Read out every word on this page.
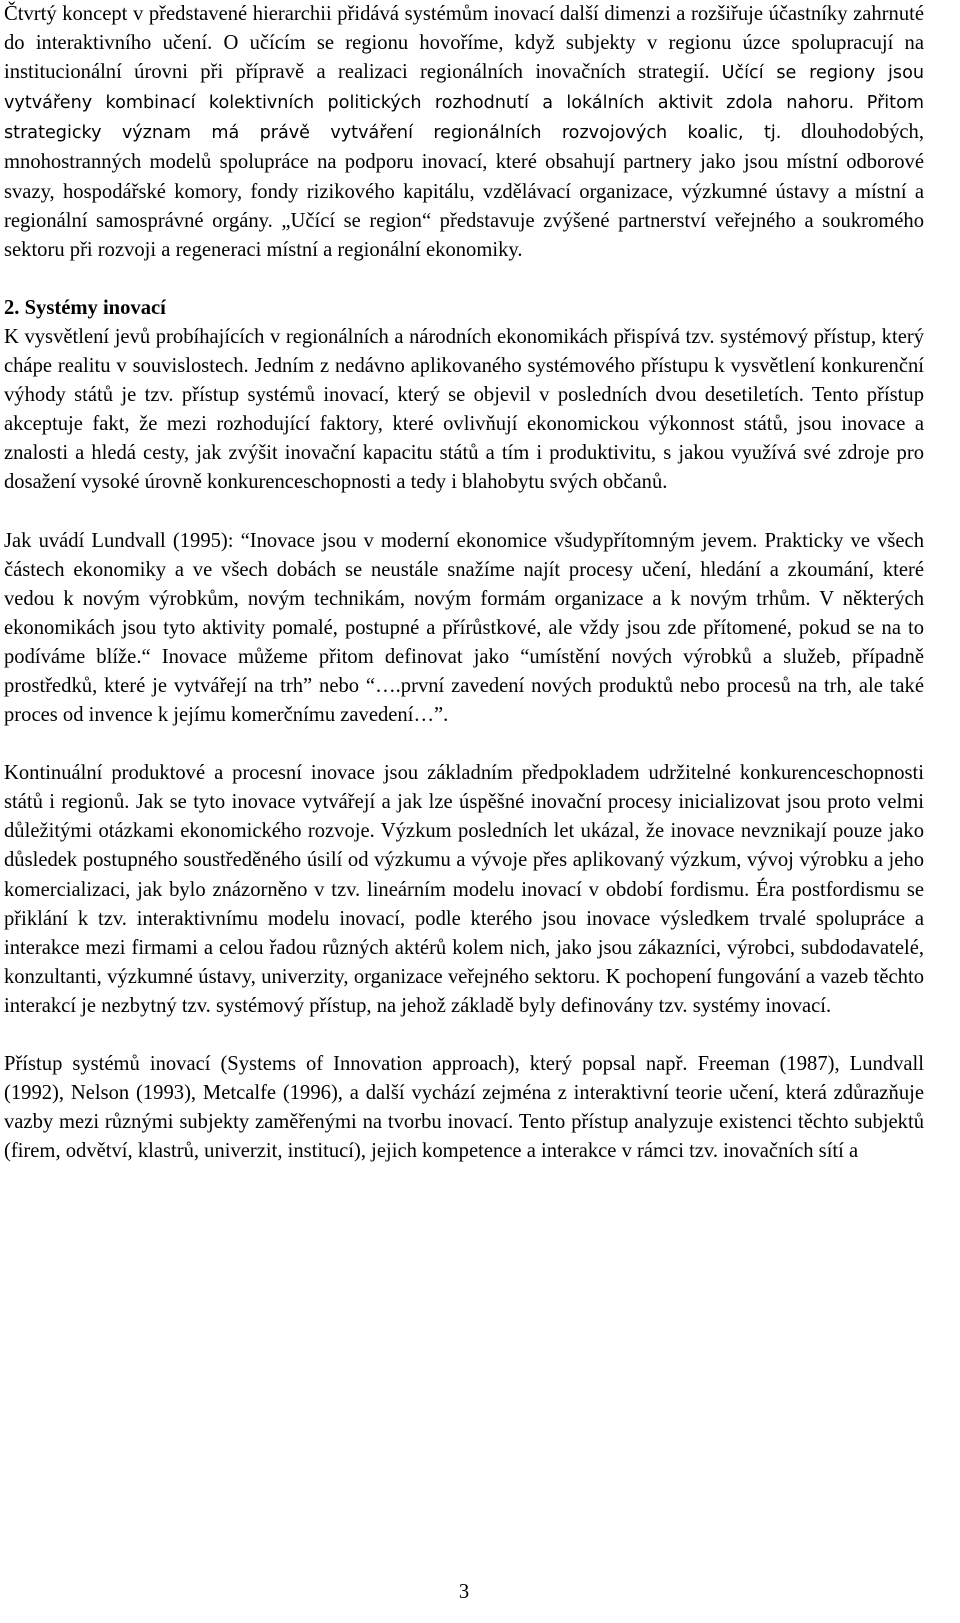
Čtvrtý koncept v představené hierarchii přidává systémům inovací další dimenzi a rozšiřuje účastníky zahrnuté do interaktivního učení. O učícím se regionu hovoříme, když subjekty v regionu úzce spolupracují na institucionální úrovni při přípravě a realizaci regionálních inovačních strategií. Učící se regiony jsou vytvářeny kombinací kolektivních politických rozhodnutí a lokálních aktivit zdola nahoru. Přitom strategicky význam má právě vytváření regionálních rozvojových koalic, tj. dlouhodobých, mnohostranných modelů spolupráce na podporu inovací, které obsahují partnery jako jsou místní odborové svazy, hospodářské komory, fondy rizikového kapitálu, vzdělávací organizace, výzkumné ústavy a místní a regionální samosprávné orgány. „Učící se region“ představuje zvýšené partnerství veřejného a soukromého sektoru při rozvoji a regeneraci místní a regionální ekonomiky.

2. Systémy inovací

K vysvětlení jevů probíhajících v regionálních a národních ekonomikách přispívá tzv. systémový přístup, který chápe realitu v souvislostech. Jedním z nedávno aplikovaného systémového přístupu k vysvětlení konkurenční výhody států je tzv. přístup systémů inovací, který se objevil v posledních dvou desetiletích. Tento přístup akceptuje fakt, že mezi rozhodující faktory, které ovlivňují ekonomickou výkonnost států, jsou inovace a znalosti a hledá cesty, jak zvýšit inovační kapacitu států a tím i produktivitu, s jakou využívá své zdroje pro dosažení vysoké úrovně konkurenceschopnosti a tedy i blahobytu svých občanů.

Jak uvádí Lundvall (1995): “Inovace jsou v moderní ekonomice všudypřítomným jevem. Prakticky ve všech částech ekonomiky a ve všech dobách se neustále snažíme najít procesy učení, hledání a zkoumání, které vedou k novým výrobkům, novým technikám, novým formám organizace a k novým trhům. V některých ekonomikách jsou tyto aktivity pomalé, postupné a přírůstkové, ale vždy jsou zde přítomené, pokud se na to podíváme blíže.“ Inovace můžeme přitom definovat jako “umístění nových výrobků a služeb, případně prostředků, které je vytvářejí na trh” nebo “….první zavedení nových produktů nebo procesů na trh, ale také proces od invence k jejímu komerčnímu zavedení…”.

Kontinuální produktové a procesní inovace jsou základním předpokladem udržitelné konkurenceschopnosti států i regionů. Jak se tyto inovace vytvářejí a jak lze úspěšné inovační procesy inicializovat jsou proto velmi důležitými otázkami ekonomického rozvoje. Výzkum posledních let ukázal, že inovace nevznikají pouze jako důsledek postupného soustředěného úsilí od výzkumu a vývoje přes aplikovaný výzkum, vývoj výrobku a jeho komercializaci, jak bylo znázorněno v tzv. lineárním modelu inovací v období fordismu. Éra postfordismu se přiklání k tzv. interaktivnímu modelu inovací, podle kterého jsou inovace výsledkem trvalé spolupráce a interakce mezi firmami a celou řadou různých aktérů kolem nich, jako jsou zákazníci, výrobci, subdodavatelé, konzultanti, výzkumné ústavy, univerzity, organizace veřejného sektoru. K pochopení fungování a vazeb těchto interakcí je nezbytný tzv. systémový přístup, na jehož základě byly definovány tzv. systémy inovací.

Přístup systémů inovací (Systems of Innovation approach), který popsal např. Freeman (1987), Lundvall (1992), Nelson (1993), Metcalfe (1996), a další vychází zejména z interaktivní teorie učení, která zdůrazňuje vazby mezi různými subjekty zaměřenými na tvorbu inovací. Tento přístup analyzuje existenci těchto subjektů (firem, odvětví, klastrů, univerzit, institucí), jejich kompetence a interakce v rámci tzv. inovačních sítí a

3
